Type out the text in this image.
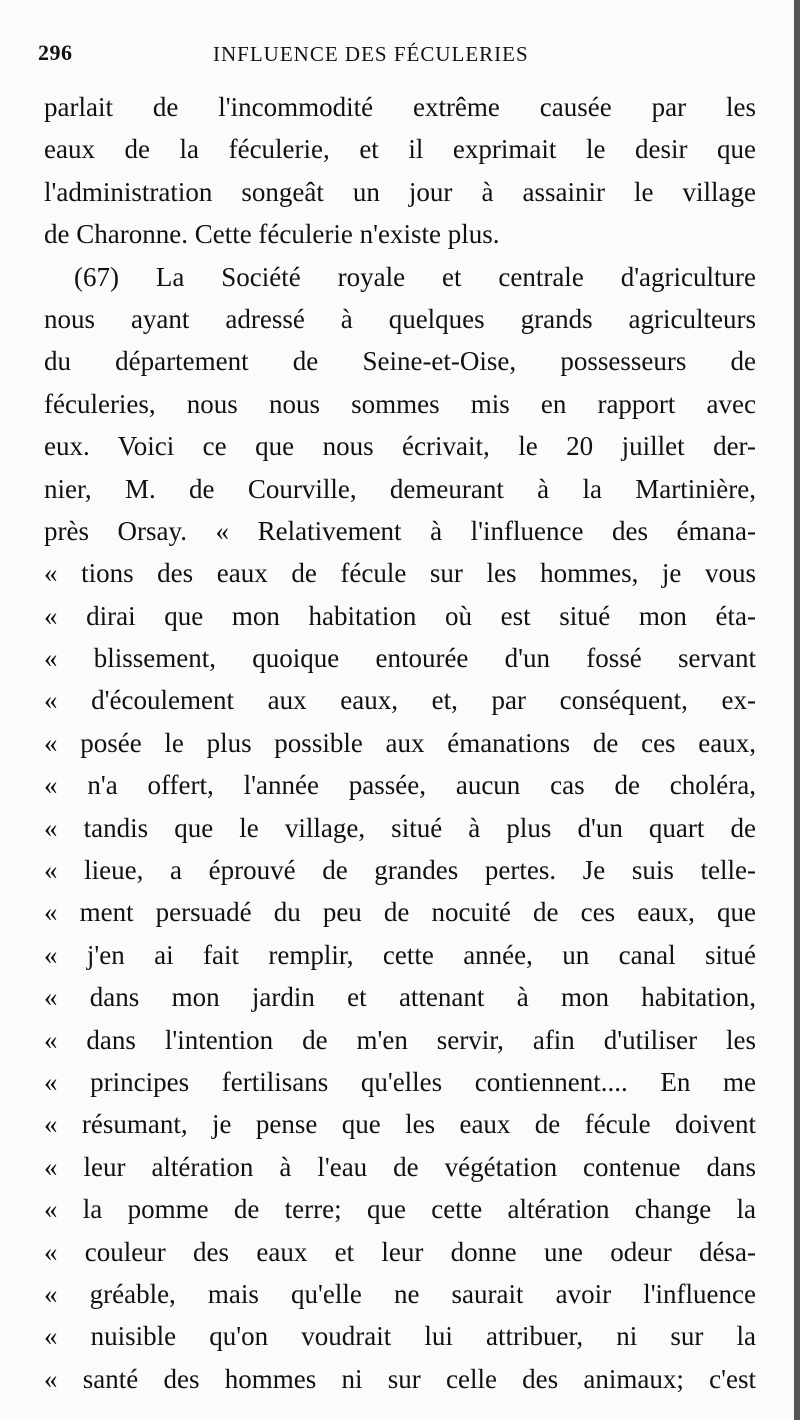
296	INFLUENCE DES FÉCULERIES
parlait de l'incommodité extrême causée par les
eaux de la féculerie, et il exprimait le desir que
l'administration songeât un jour à assainir le village
de Charonne. Cette féculerie n'existe plus.
(67) La Société royale et centrale d'agriculture
nous ayant adressé à quelques grands agriculteurs
du département de Seine-et-Oise, possesseurs de
féculeries, nous nous sommes mis en rapport avec
eux. Voici ce que nous écrivait, le 20 juillet der-
nier, M. de Courville, demeurant à la Martinière,
près Orsay. « Relativement à l'influence des émana-
« tions des eaux de fécule sur les hommes, je vous
« dirai que mon habitation où est situé mon éta-
« blissement, quoique entourée d'un fossé servant
« d'écoulement aux eaux, et, par conséquent, ex-
« posée le plus possible aux émanations de ces eaux,
« n'a offert, l'année passée, aucun cas de choléra,
« tandis que le village, situé à plus d'un quart de
« lieue, a éprouvé de grandes pertes. Je suis telle-
« ment persuadé du peu de nocuité de ces eaux, que
« j'en ai fait remplir, cette année, un canal situé
« dans mon jardin et attenant à mon habitation,
« dans l'intention de m'en servir, afin d'utiliser les
« principes fertilisans qu'elles contiennent.... En me
« résumant, je pense que les eaux de fécule doivent
« leur altération à l'eau de végétation contenue dans
« la pomme de terre; que cette altération change la
« couleur des eaux et leur donne une odeur désa-
« gréable, mais qu'elle ne saurait avoir l'influence
« nuisible qu'on voudrait lui attribuer, ni sur la
« santé des hommes ni sur celle des animaux; c'est
